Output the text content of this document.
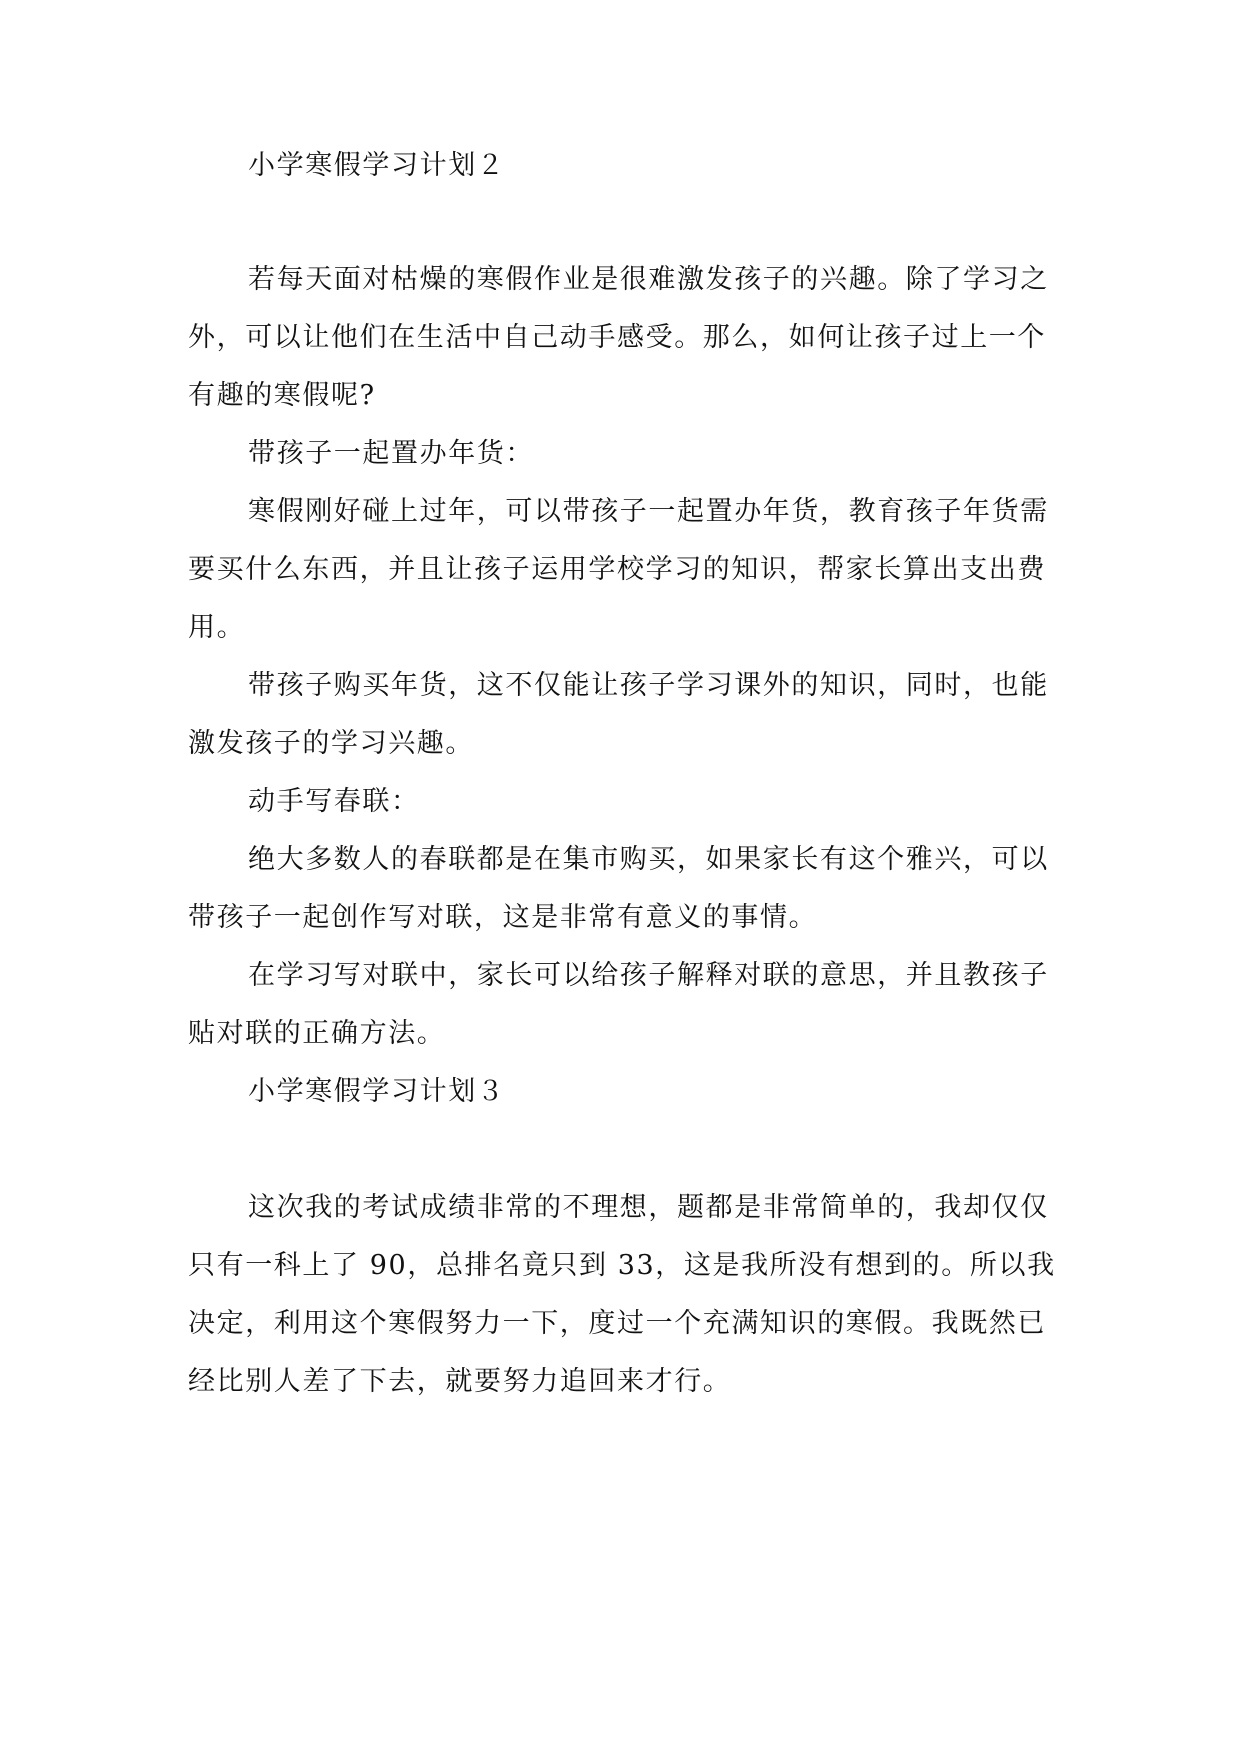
小学寒假学习计划２
若每天面对枯燥的寒假作业是很难激发孩子的兴趣。除了学习之
外，可以让他们在生活中自己动手感受。那么，如何让孩子过上一个
有趣的寒假呢?
带孩子一起置办年货：
寒假刚好碰上过年，可以带孩子一起置办年货，教育孩子年货需
要买什么东西，并且让孩子运用学校学习的知识，帮家长算出支出费
用。
带孩子购买年货，这不仅能让孩子学习课外的知识，同时，也能
激发孩子的学习兴趣。
动手写春联：
绝大多数人的春联都是在集市购买，如果家长有这个雅兴，可以
带孩子一起创作写对联，这是非常有意义的事情。
在学习写对联中，家长可以给孩子解释对联的意思，并且教孩子
贴对联的正确方法。
小学寒假学习计划３
这次我的考试成绩非常的不理想，题都是非常简单的，我却仅仅
只有一科上了 90，总排名竟只到 33，这是我所没有想到的。所以我
决定，利用这个寒假努力一下，度过一个充满知识的寒假。我既然已
经比别人差了下去，就要努力追回来才行。
